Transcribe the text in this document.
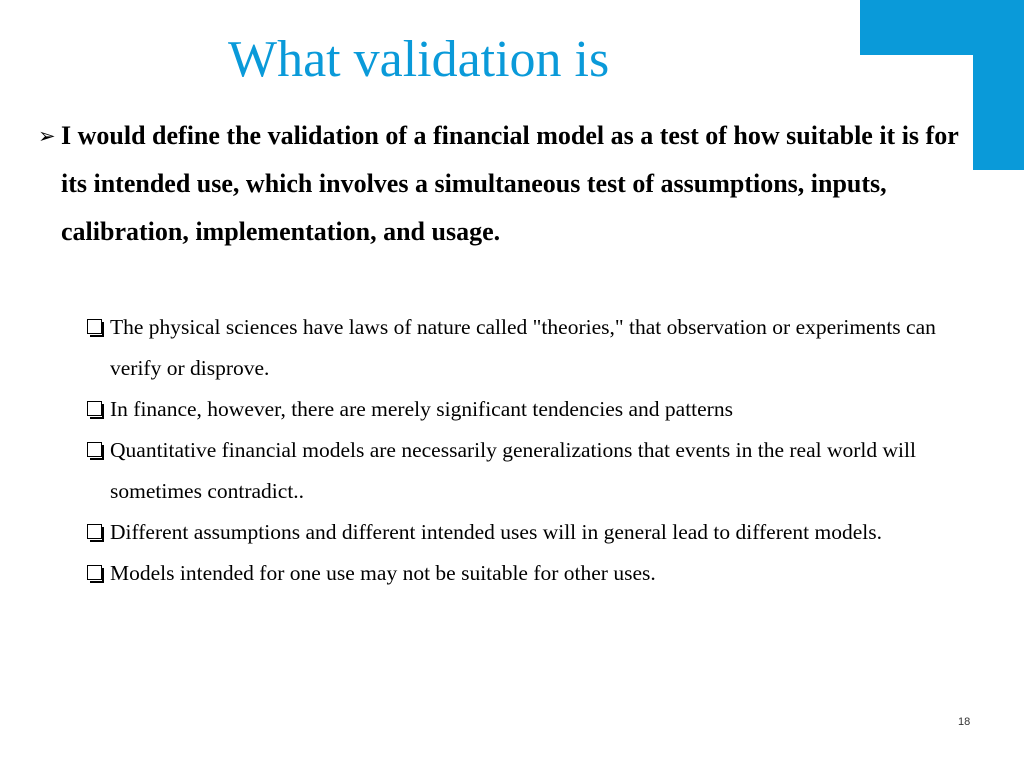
What validation is

➢ I would define the validation of a financial model as a test of how suitable it is for its intended use, which involves a simultaneous test of assumptions, inputs, calibration, implementation, and usage.

The physical sciences have laws of nature called "theories," that observation or experiments can verify or disprove.
In finance, however, there are merely significant tendencies and patterns
Quantitative financial models are necessarily generalizations that events in the real world will sometimes contradict..
Different assumptions and different intended uses will in general lead to different models.
Models intended for one use may not be suitable for other uses.
18
